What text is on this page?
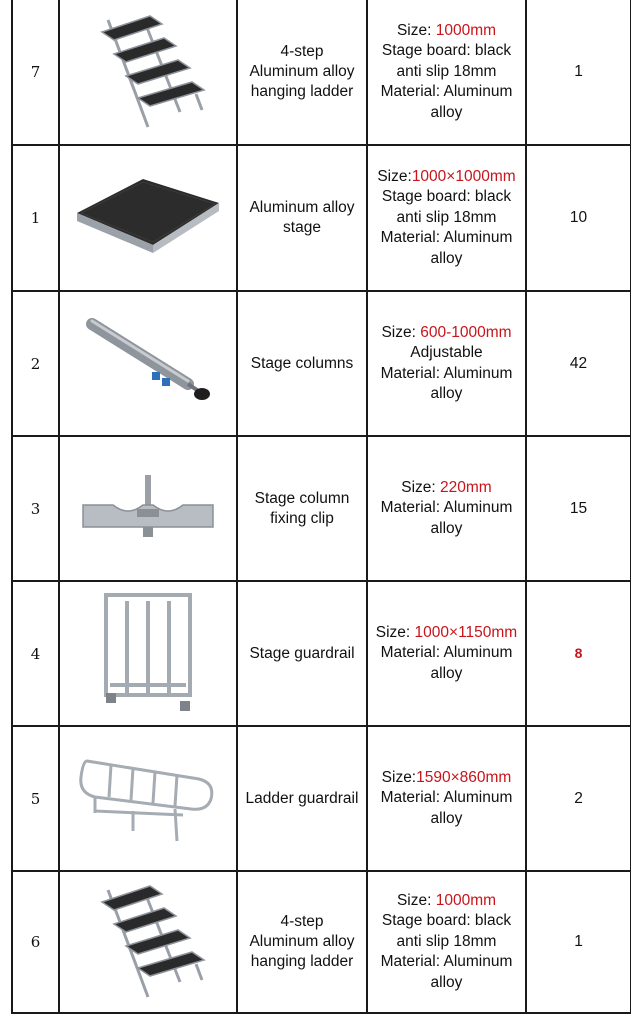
7		4-step
Aluminum alloy
hanging ladder	Size: 1000mm
Stage board: black
anti slip 18mm
Material: Aluminum
alloy	1
1		Aluminum alloy
stage	Size:1000×1000mm
Stage board: black
anti slip 18mm
Material: Aluminum
alloy	10
2		Stage columns	Size: 600-1000mm
Adjustable
Material: Aluminum
alloy	42
3		Stage column
fixing clip	Size: 220mm
Material: Aluminum
alloy	15
4		Stage guardrail	Size: 1000×1150mm
Material: Aluminum
alloy	8
5		Ladder guardrail	Size:1590×860mm
Material: Aluminum
alloy	2
6		4-step
Aluminum alloy
hanging ladder	Size: 1000mm
Stage board: black
anti slip 18mm
Material: Aluminum
alloy	1
